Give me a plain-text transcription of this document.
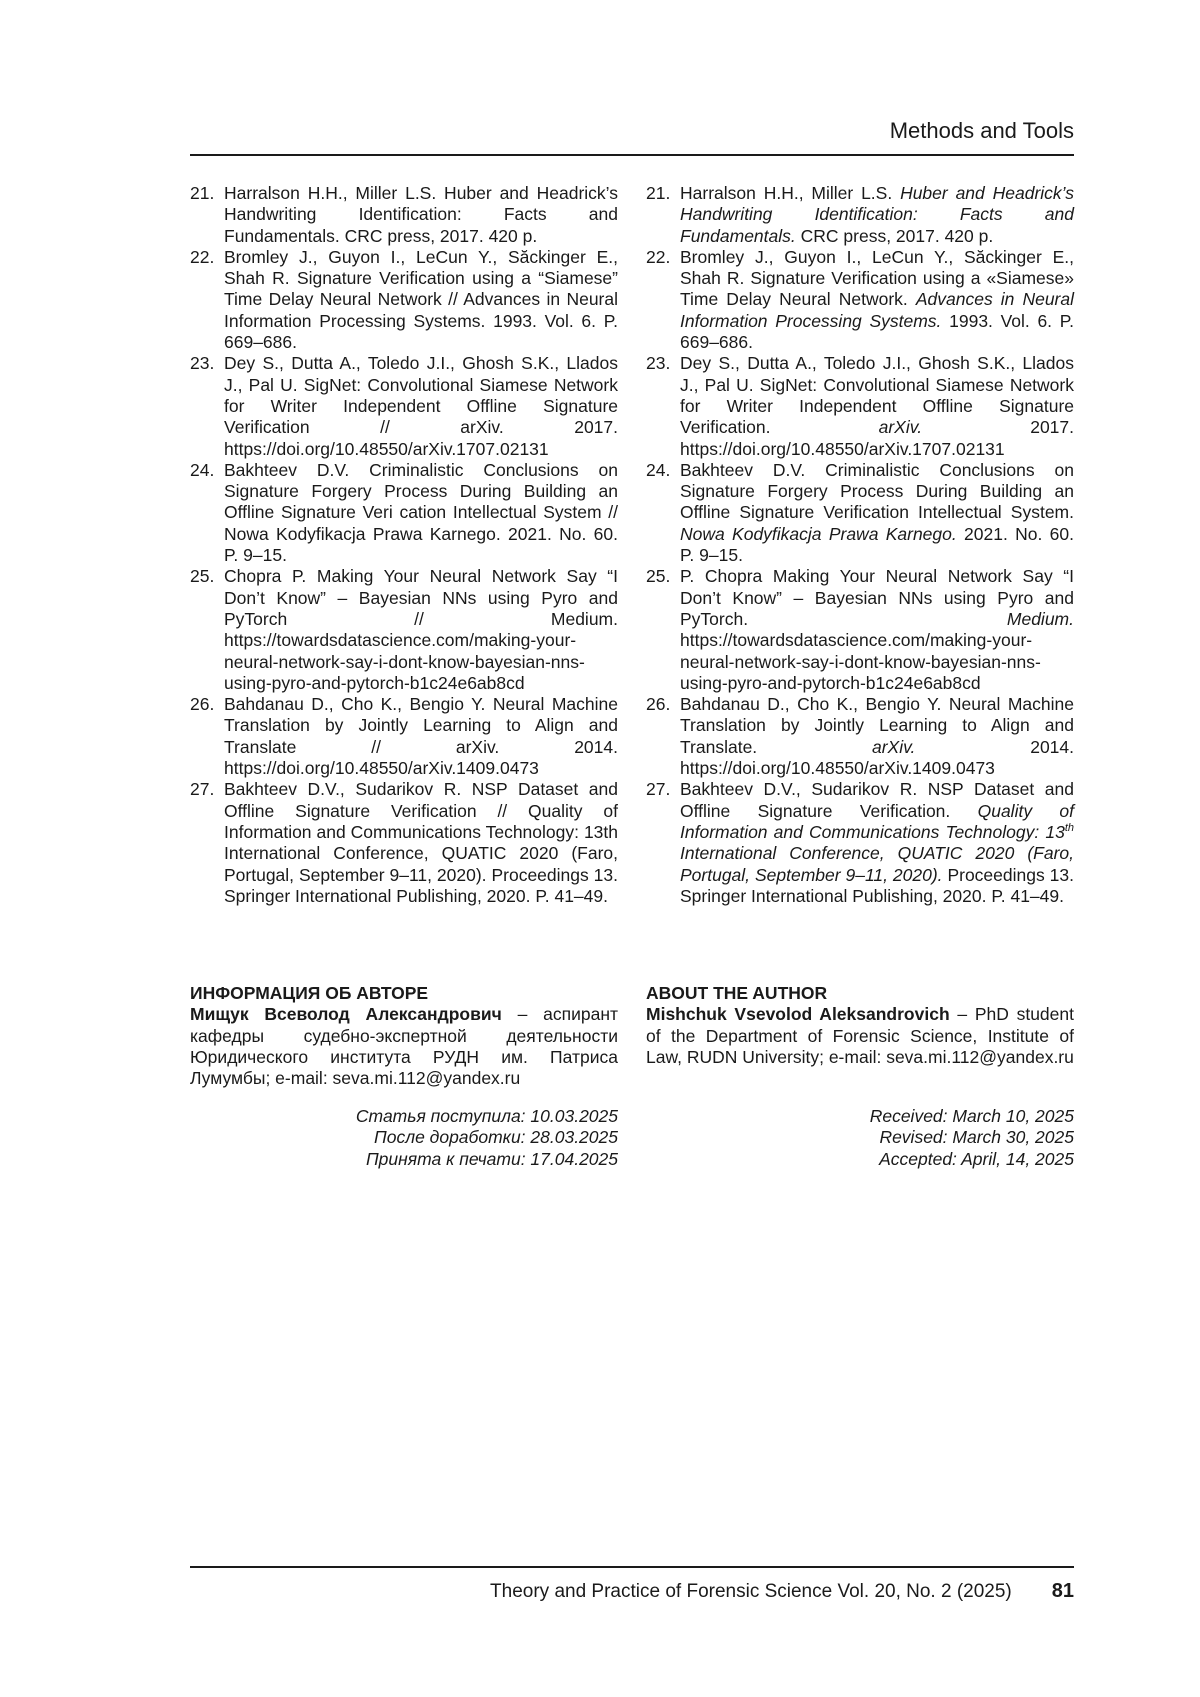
Methods and Tools
21. Harralson H.H., Miller L.S. Huber and Headrick’s Handwriting Identification: Facts and Fundamentals. CRC press, 2017. 420 p.
22. Bromley J., Guyon I., LeCun Y., Săckinger E., Shah R. Signature Verification using a “Siamese” Time Delay Neural Network // Advances in Neural Information Processing Systems. 1993. Vol. 6. P. 669–686.
23. Dey S., Dutta A., Toledo J.I., Ghosh S.K., Llados J., Pal U. SigNet: Convolutional Siamese Network for Writer Independent Offline Signature Verification // arXiv. 2017. https://doi.org/10.48550/arXiv.1707.02131
24. Bakhteev D.V. Criminalistic Conclusions on Signature Forgery Process During Building an Offline Signature Veri cation Intellectual System // Nowa Kodyfikacja Prawa Karnego. 2021. No. 60. P. 9–15.
25. Chopra P. Making Your Neural Network Say “I Don’t Know” – Bayesian NNs using Pyro and PyTorch // Medium. https://towardsdatascience.com/making-your-neural-network-say-i-dont-know-bayesian-nns-using-pyro-and-pytorch-b1c24e6ab8cd
26. Bahdanau D., Cho K., Bengio Y. Neural Machine Translation by Jointly Learning to Align and Translate // arXiv. 2014. https://doi.org/10.48550/arXiv.1409.0473
27. Bakhteev D.V., Sudarikov R. NSP Dataset and Offline Signature Verification // Quality of Information and Communications Technology: 13th International Conference, QUATIC 2020 (Faro, Portugal, September 9–11, 2020). Proceedings 13. Springer International Publishing, 2020. P. 41–49.
21. Harralson H.H., Miller L.S. Huber and Headrick’s Handwriting Identification: Facts and Fundamentals. CRC press, 2017. 420 p.
22. Bromley J., Guyon I., LeCun Y., Săckinger E., Shah R. Signature Verification using a «Siamese» Time Delay Neural Network. Advances in Neural Information Processing Systems. 1993. Vol. 6. P. 669–686.
23. Dey S., Dutta A., Toledo J.I., Ghosh S.K., Llados J., Pal U. SigNet: Convolutional Siamese Network for Writer Independent Offline Signature Verification. arXiv. 2017. https://doi.org/10.48550/arXiv.1707.02131
24. Bakhteev D.V. Criminalistic Conclusions on Signature Forgery Process During Building an Offline Signature Verification Intellectual System. Nowa Kodyfikacja Prawa Karnego. 2021. No. 60. P. 9–15.
25. P. Chopra Making Your Neural Network Say “I Don’t Know” – Bayesian NNs using Pyro and PyTorch. Medium. https://towardsdatascience.com/making-your-neural-network-say-i-dont-know-bayesian-nns-using-pyro-and-pytorch-b1c24e6ab8cd
26. Bahdanau D., Cho K., Bengio Y. Neural Machine Translation by Jointly Learning to Align and Translate. arXiv. 2014. https://doi.org/10.48550/arXiv.1409.0473
27. Bakhteev D.V., Sudarikov R. NSP Dataset and Offline Signature Verification. Quality of Information and Communications Technology: 13th International Conference, QUATIC 2020 (Faro, Portugal, September 9–11, 2020). Proceedings 13. Springer International Publishing, 2020. P. 41–49.
ИНФОРМАЦИЯ ОБ АВТОРЕ

Мищук Всеволод Александрович – аспирант кафедры судебно-экспертной деятельности Юридического института РУДН им. Патриса Лумумбы; e-mail: seva.mi.112@yandex.ru

ABOUT THE AUTHOR

Mishchuk Vsevolod Aleksandrovich – PhD student of the Department of Forensic Science, Institute of Law, RUDN University; e-mail: seva.mi.112@yandex.ru

Статья поступила: 10.03.2025
После доработки: 28.03.2025
Принята к печати: 17.04.2025
Received: March 10, 2025
Revised: March 30, 2025
Accepted: April, 14, 2025
Theory and Practice of Forensic Science Vol. 20, No. 2 (2025) 81
